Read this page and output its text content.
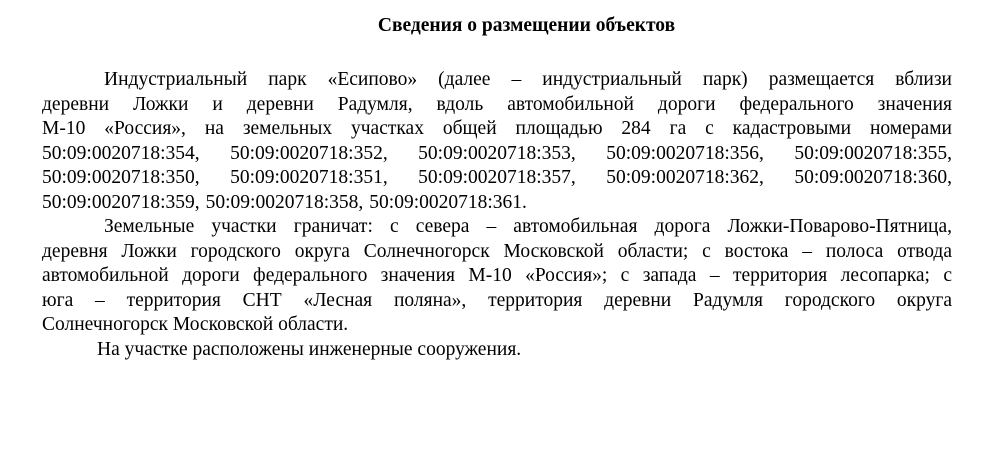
Сведения о размещении объектов
Индустриальный парк «Есипово» (далее – индустриальный парк) размещается вблизи
деревни Ложки и деревни Радумля, вдоль автомобильной дороги федерального значения
М-10 «Россия», на земельных участках общей площадью 284 га с кадастровыми номерами
50:09:0020718:354, 50:09:0020718:352, 50:09:0020718:353, 50:09:0020718:356, 50:09:0020718:355,
50:09:0020718:350, 50:09:0020718:351, 50:09:0020718:357, 50:09:0020718:362, 50:09:0020718:360,
50:09:0020718:359, 50:09:0020718:358, 50:09:0020718:361.
Земельные участки граничат: с севера – автомобильная дорога Ложки-Поварово-Пятница,
деревня Ложки городского округа Солнечногорск Московской области; с востока – полоса отвода
автомобильной дороги федерального значения М-10 «Россия»; с запада – территория лесопарка; с
юга – территория СНТ «Лесная поляна», территория деревни Радумля городского округа
Солнечногорск Московской области.
На участке расположены инженерные сооружения.
